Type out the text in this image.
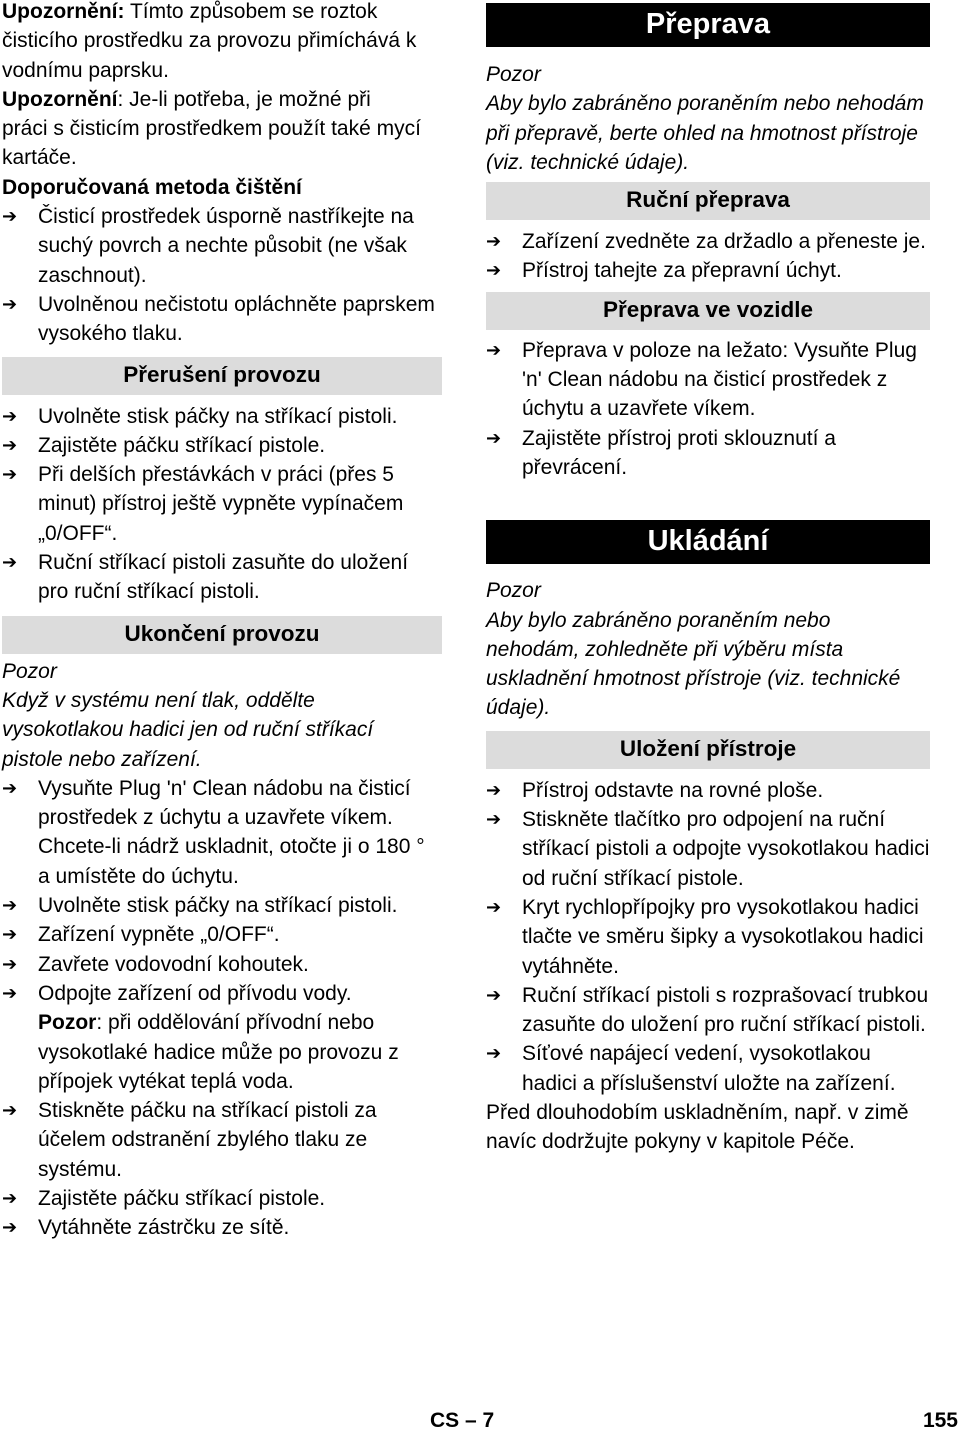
Upozornění: Tímto způsobem se roztok čisticího prostředku za provozu přimíchává k vodnímu paprsku.

Upozornění: Je-li potřeba, je možné při práci s čisticím prostředkem použít také mycí kartáče.

Doporučovaná metoda čištění

➔ Čisticí prostředek úsporně nastříkejte na suchý povrch a nechte působit (ne však zaschnout).
➔ Uvolněnou nečistotu opláchněte paprskem vysokého tlaku.
Přerušení provozu
➔ Uvolněte stisk páčky na stříkací pistoli.
➔ Zajistěte páčku stříkací pistole.
➔ Při delších přestávkách v práci (přes 5 minut) přístroj ještě vypněte vypínačem „0/OFF“.
➔ Ruční stříkací pistoli zasuňte do uložení pro ruční stříkací pistoli.
Ukončení provozu

Pozor

Když v systému není tlak, oddělte vysokotlakou hadici jen od ruční stříkací pistole nebo zařízení.

➔ Vysuňte Plug 'n' Clean nádobu na čisticí prostředek z úchytu a uzavřete víkem. Chcete-li nádrž uskladnit, otočte ji o 180 ° a umístěte do úchytu.
➔ Uvolněte stisk páčky na stříkací pistoli.
➔ Zařízení vypněte „0/OFF“.
➔ Zavřete vodovodní kohoutek.
➔ Odpojte zařízení od přívodu vody.

Pozor: při oddělování přívodní nebo vysokotlaké hadice může po provozu z přípojek vytékat teplá voda.

➔ Stiskněte páčku na stříkací pistoli za účelem odstranění zbylého tlaku ze systému.
➔ Zajistěte páčku stříkací pistole.
➔ Vytáhněte zástrčku ze sítě.
Přeprava

Pozor

Aby bylo zabráněno poraněním nebo nehodám při přepravě, berte ohled na hmotnost přístroje (viz. technické údaje).

Ruční přeprava
➔ Zařízení zvedněte za držadlo a přeneste je.
➔ Přístroj tahejte za přepravní úchyt.
Přeprava ve vozidle
➔ Přeprava v poloze na ležato: Vysuňte Plug 'n' Clean nádobu na čisticí prostředek z úchytu a uzavřete víkem.
➔ Zajistěte přístroj proti sklouznutí a převrácení.
Ukládání

Pozor

Aby bylo zabráněno poraněním nebo nehodám, zohledněte při výběru místa uskladnění hmotnost přístroje (viz. technické údaje).

Uložení přístroje
➔ Přístroj odstavte na rovné ploše.
➔ Stiskněte tlačítko pro odpojení na ruční stříkací pistoli a odpojte vysokotlakou hadici od ruční stříkací pistole.
➔ Kryt rychlopřípojky pro vysokotlakou hadici tlačte ve směru šipky a vysokotlakou hadici vytáhněte.
➔ Ruční stříkací pistoli s rozprašovací trubkou zasuňte do uložení pro ruční stříkací pistoli.
➔ Síťové napájecí vedení, vysokotlakou hadici a příslušenství uložte na zařízení.

Před dlouhodobím uskladněním, např. v zimě navíc dodržujte pokyny v kapitole Péče.

CS – 7	155
